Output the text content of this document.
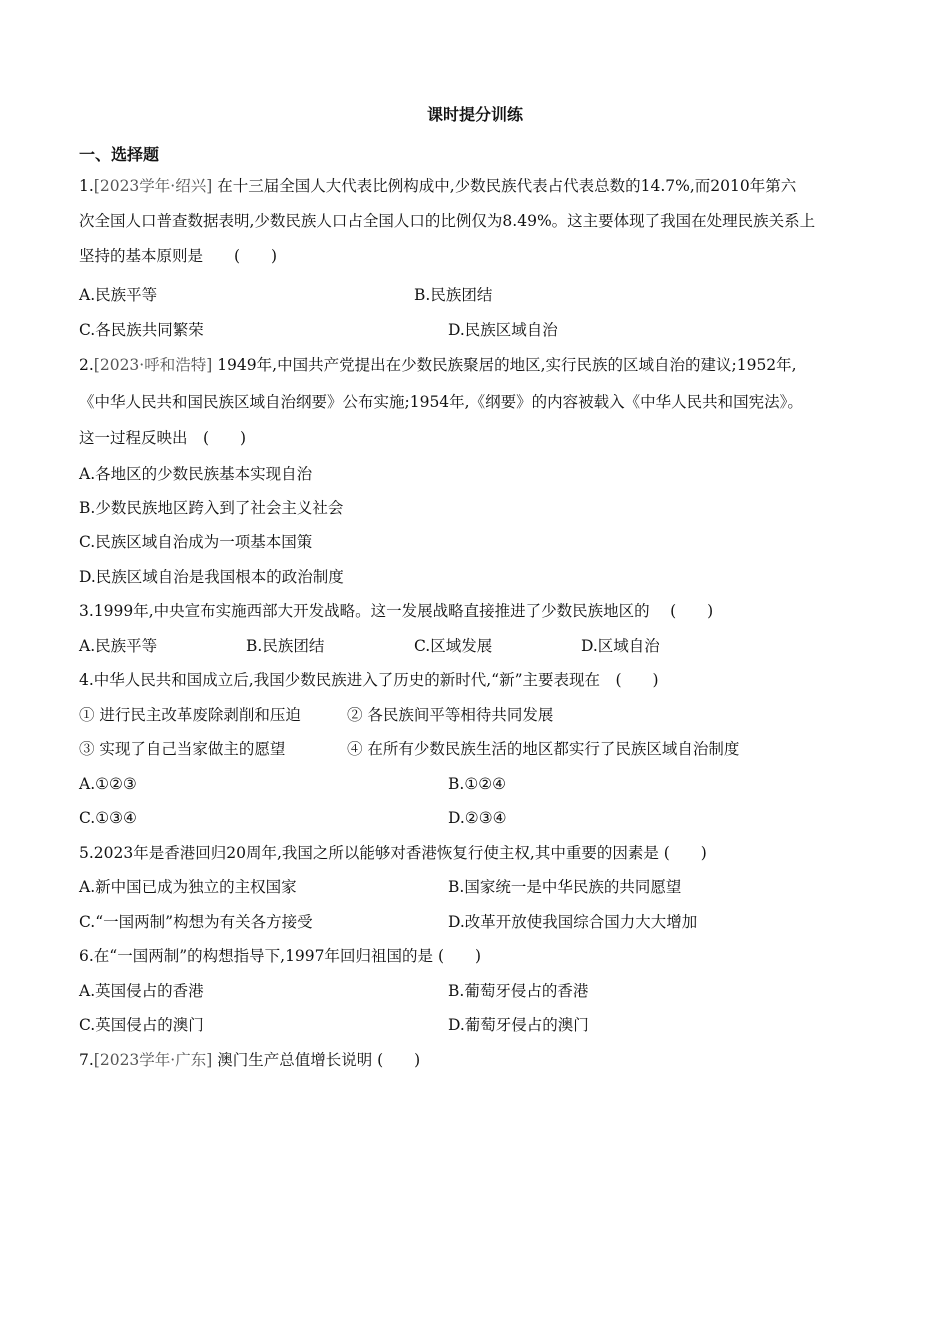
课时提分训练
一、选择题
1.[2023学年·绍兴] 在十三届全国人大代表比例构成中,少数民族代表占代表总数的14.7%,而2010年第六
次全国人口普查数据表明,少数民族人口占全国人口的比例仅为8.49%。这主要体现了我国在处理民族关系上
坚持的基本原则是　　(　　)
A.民族平等	B.民族团结
C.各民族共同繁荣	D.民族区域自治
2.[2023·呼和浩特] 1949年,中国共产党提出在少数民族聚居的地区,实行民族的区域自治的建议;1952年,
《中华人民共和国民族区域自治纲要》公布实施;1954年,《纲要》的内容被载入《中华人民共和国宪法》。
这一过程反映出　(　　)
A.各地区的少数民族基本实现自治
B.少数民族地区跨入到了社会主义社会
C.民族区域自治成为一项基本国策
D.民族区域自治是我国根本的政治制度
3.1999年,中央宣布实施西部大开发战略。这一发展战略直接推进了少数民族地区的　 (　　)
A.民族平等	B.民族团结	C.区域发展	D.区域自治
4.中华人民共和国成立后,我国少数民族进入了历史的新时代,“新”主要表现在　(　　)
① 进行民主改革废除剥削和压迫	② 各民族间平等相待共同发展
③ 实现了自己当家做主的愿望	④ 在所有少数民族生活的地区都实行了民族区域自治制度
A.①②③	B.①②④
C.①③④	D.②③④
5.2023年是香港回归20周年,我国之所以能够对香港恢复行使主权,其中重要的因素是 (　　)
A.新中国已成为独立的主权国家	B.国家统一是中华民族的共同愿望
C.“一国两制”构想为有关各方接受	D.改革开放使我国综合国力大大增加
6.在“一国两制”的构想指导下,1997年回归祖国的是 (　　)
A.英国侵占的香港	B.葡萄牙侵占的香港
C.英国侵占的澳门	D.葡萄牙侵占的澳门
7.[2023学年·广东] 澳门生产总值增长说明 (　　)
